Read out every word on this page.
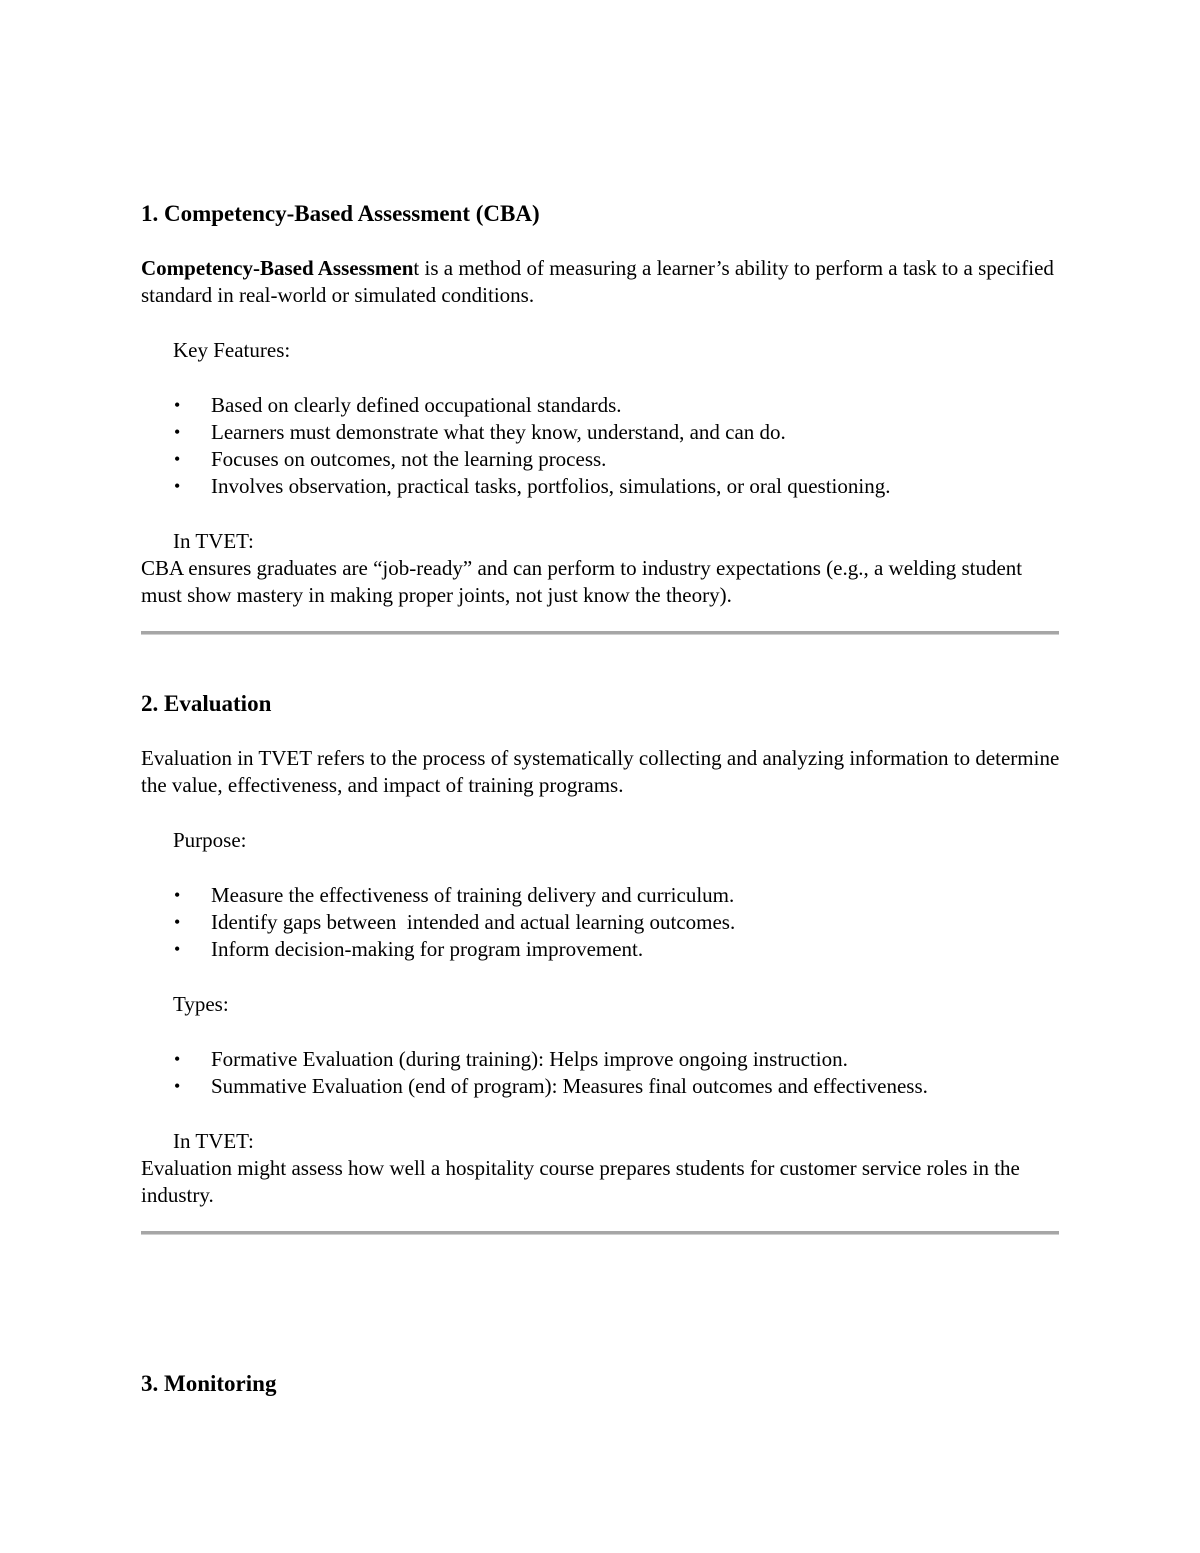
1. Competency-Based Assessment (CBA)

Competency-Based Assessment is a method of measuring a learner’s ability to perform a task to a specified standard in real-world or simulated conditions.

Key Features:

• Based on clearly defined occupational standards.
• Learners must demonstrate what they know, understand, and can do.
• Focuses on outcomes, not the learning process.
• Involves observation, practical tasks, portfolios, simulations, or oral questioning.

In TVET:

CBA ensures graduates are “job-ready” and can perform to industry expectations (e.g., a welding student must show mastery in making proper joints, not just know the theory).

2. Evaluation

Evaluation in TVET refers to the process of systematically collecting and analyzing information to determine the value, effectiveness, and impact of training programs.

Purpose:

• Measure the effectiveness of training delivery and curriculum.
• Identify gaps between  intended and actual learning outcomes.
• Inform decision-making for program improvement.

Types:

• Formative Evaluation (during training): Helps improve ongoing instruction.
• Summative Evaluation (end of program): Measures final outcomes and effectiveness.

In TVET:

Evaluation might assess how well a hospitality course prepares students for customer service roles in the industry.

3. Monitoring
